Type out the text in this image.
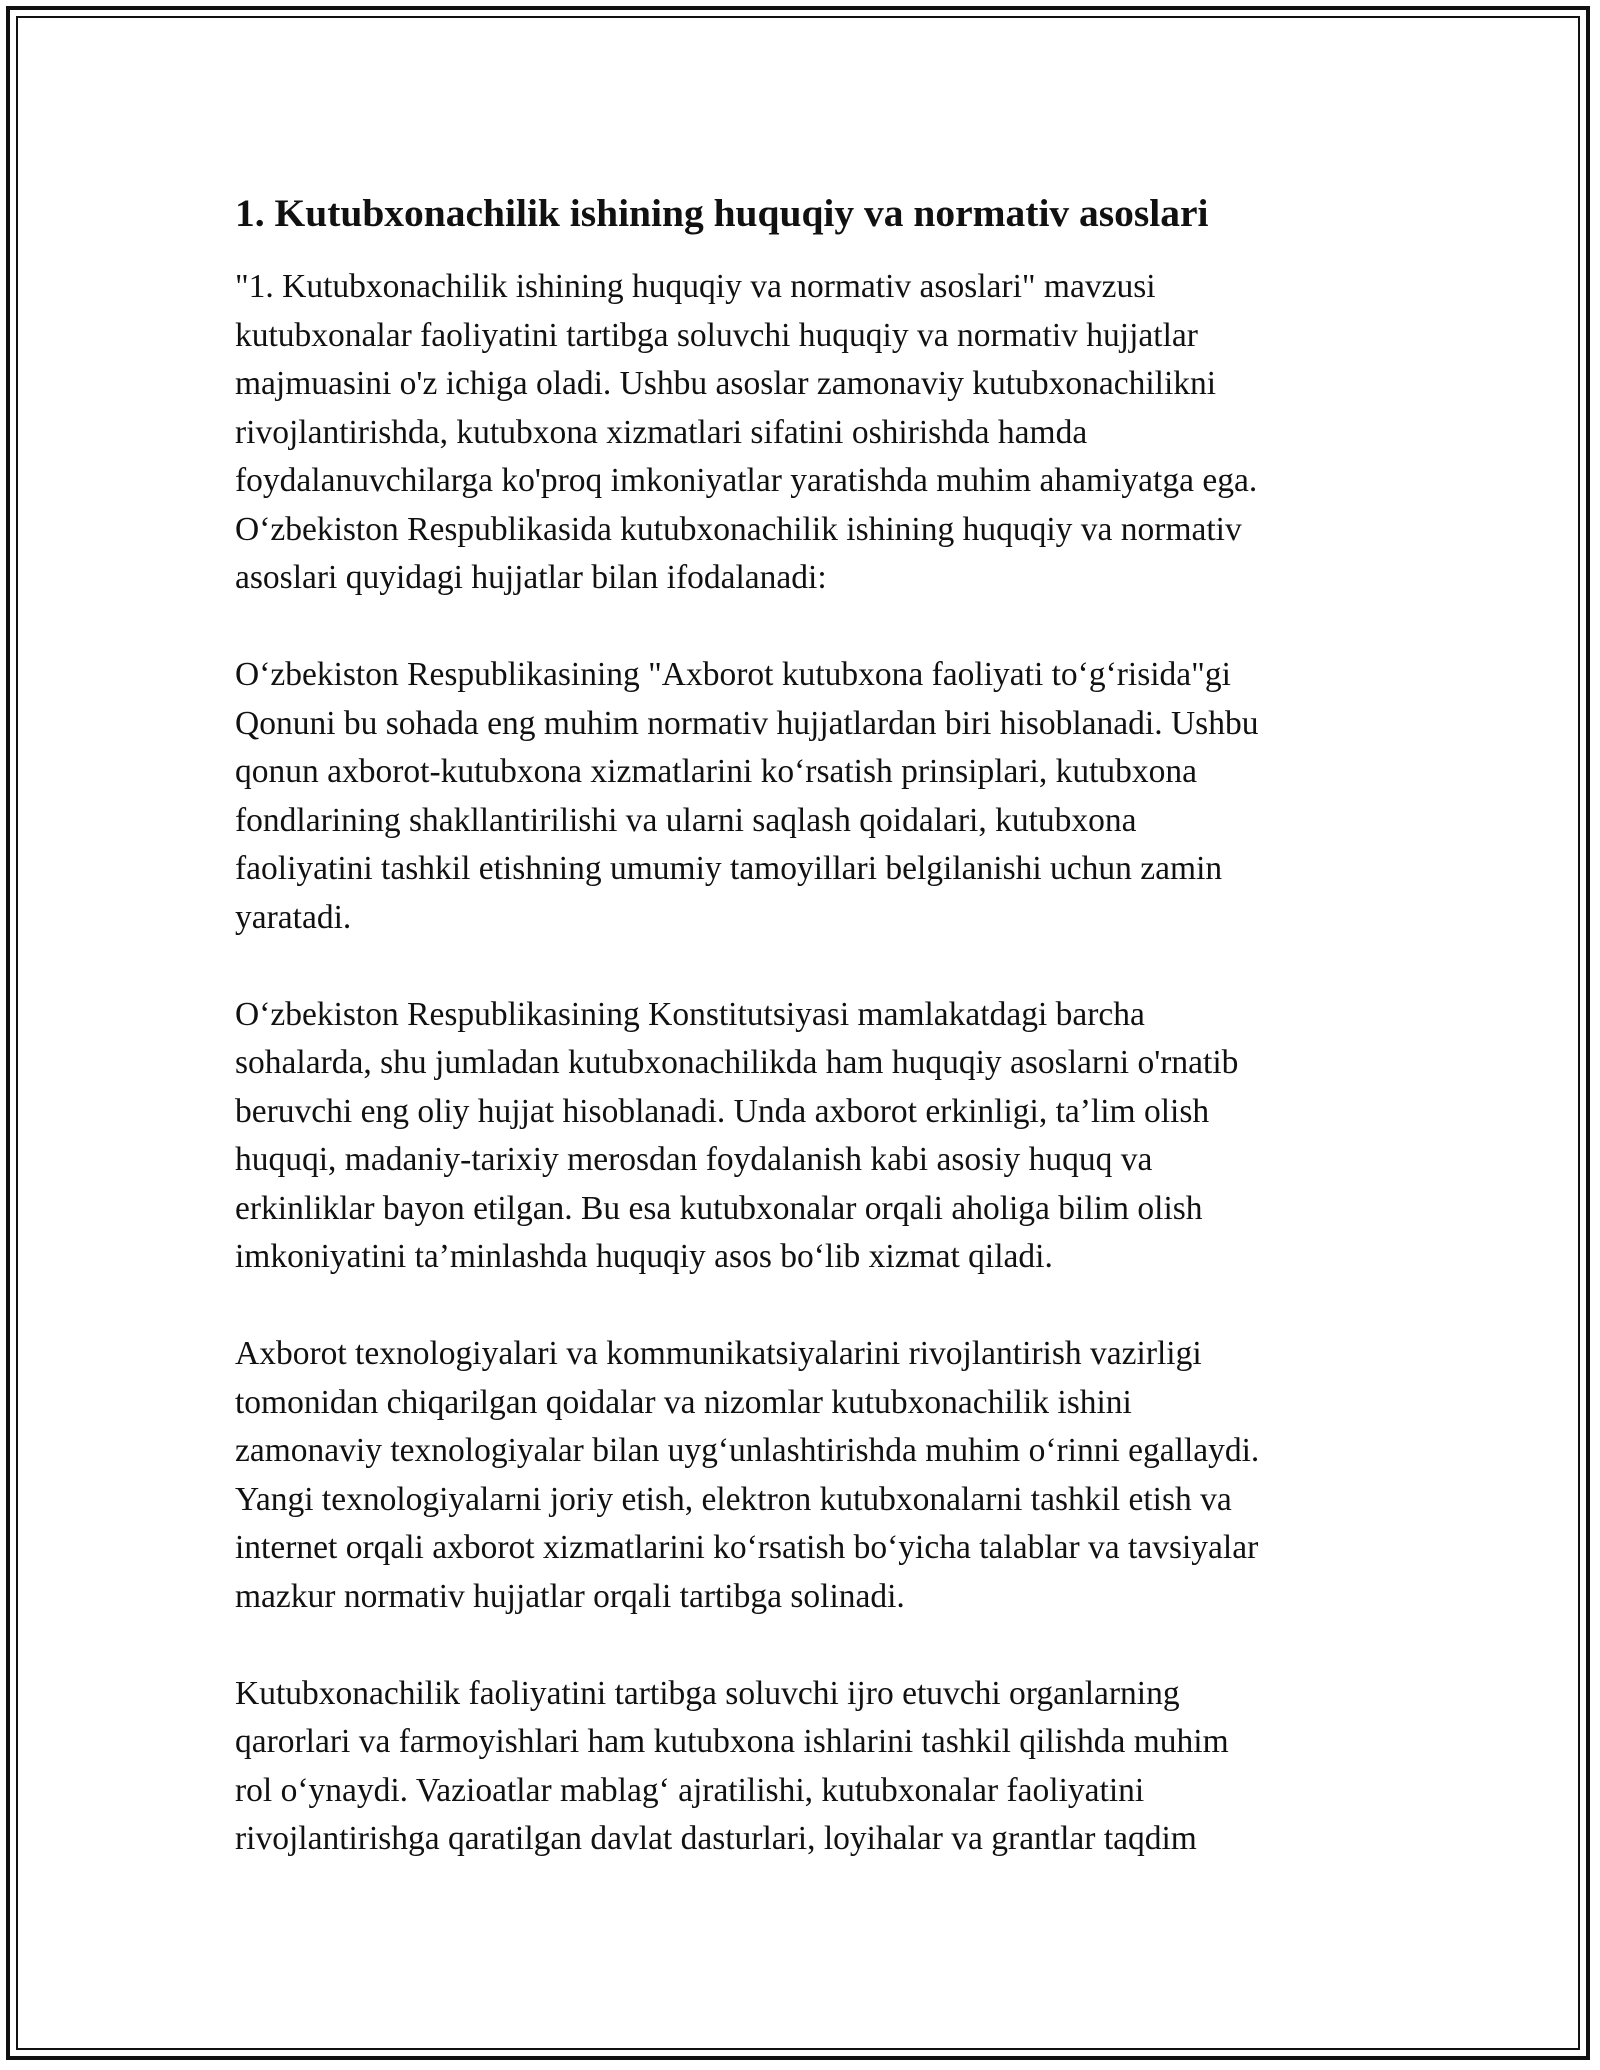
1. Kutubxonachilik ishining huquqiy va normativ asoslari

"1. Kutubxonachilik ishining huquqiy va normativ asoslari" mavzusi
kutubxonalar faoliyatini tartibga soluvchi huquqiy va normativ hujjatlar
majmuasini o'z ichiga oladi. Ushbu asoslar zamonaviy kutubxonachilikni
rivojlantirishda, kutubxona xizmatlari sifatini oshirishda hamda
foydalanuvchilarga ko'proq imkoniyatlar yaratishda muhim ahamiyatga ega.
O‘zbekiston Respublikasida kutubxonachilik ishining huquqiy va normativ
asoslari quyidagi hujjatlar bilan ifodalanadi:

O‘zbekiston Respublikasining "Axborot kutubxona faoliyati to‘g‘risida"gi
Qonuni bu sohada eng muhim normativ hujjatlardan biri hisoblanadi. Ushbu
qonun axborot-kutubxona xizmatlarini ko‘rsatish prinsiplari, kutubxona
fondlarining shakllantirilishi va ularni saqlash qoidalari, kutubxona
faoliyatini tashkil etishning umumiy tamoyillari belgilanishi uchun zamin
yaratadi.

O‘zbekiston Respublikasining Konstitutsiyasi mamlakatdagi barcha
sohalarda, shu jumladan kutubxonachilikda ham huquqiy asoslarni o'rnatib
beruvchi eng oliy hujjat hisoblanadi. Unda axborot erkinligi, ta’lim olish
huquqi, madaniy-tarixiy merosdan foydalanish kabi asosiy huquq va
erkinliklar bayon etilgan. Bu esa kutubxonalar orqali aholiga bilim olish
imkoniyatini ta’minlashda huquqiy asos bo‘lib xizmat qiladi.

Axborot texnologiyalari va kommunikatsiyalarini rivojlantirish vazirligi
tomonidan chiqarilgan qoidalar va nizomlar kutubxonachilik ishini
zamonaviy texnologiyalar bilan uyg‘unlashtirishda muhim o‘rinni egallaydi.
Yangi texnologiyalarni joriy etish, elektron kutubxonalarni tashkil etish va
internet orqali axborot xizmatlarini ko‘rsatish bo‘yicha talablar va tavsiyalar
mazkur normativ hujjatlar orqali tartibga solinadi.

Kutubxonachilik faoliyatini tartibga soluvchi ijro etuvchi organlarning
qarorlari va farmoyishlari ham kutubxona ishlarini tashkil qilishda muhim
rol o‘ynaydi. Vazioatlar mablag‘ ajratilishi, kutubxonalar faoliyatini
rivojlantirishga qaratilgan davlat dasturlari, loyihalar va grantlar taqdim
